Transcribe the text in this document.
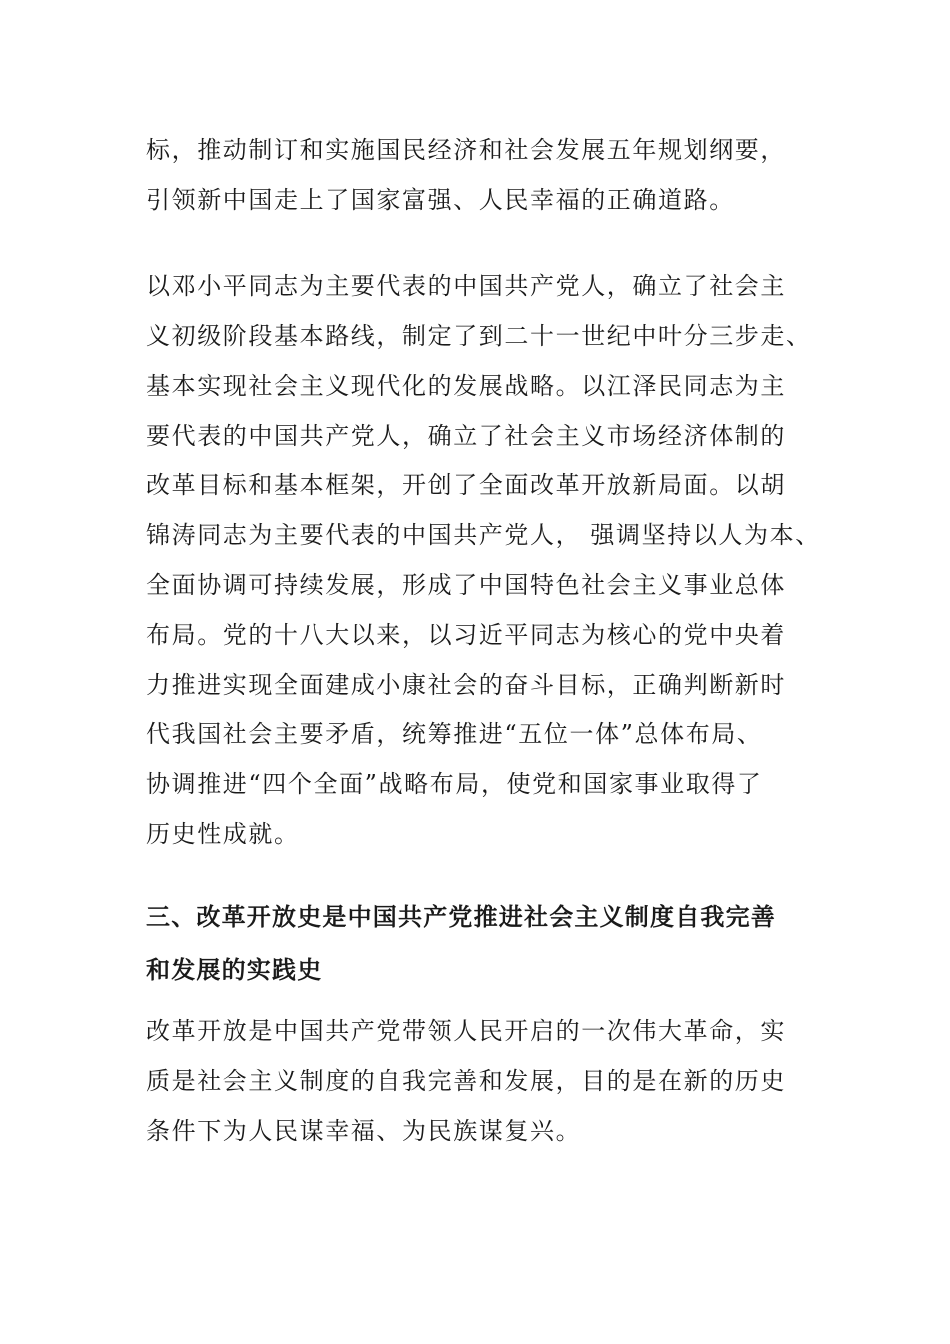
标，推动制订和实施国民经济和社会发展五年规划纲要，
引领新中国走上了国家富强、人民幸福的正确道路。
以邓小平同志为主要代表的中国共产党人，确立了社会主
义初级阶段基本路线，制定了到二十一世纪中叶分三步走、
基本实现社会主义现代化的发展战略。以江泽民同志为主
要代表的中国共产党人，确立了社会主义市场经济体制的
改革目标和基本框架，开创了全面改革开放新局面。以胡
锦涛同志为主要代表的中国共产党人， 强调坚持以人为本、
全面协调可持续发展，形成了中国特色社会主义事业总体
布局。党的十八大以来，以习近平同志为核心的党中央着
力推进实现全面建成小康社会的奋斗目标，正确判断新时
代我国社会主要矛盾，统筹推进“五位一体”总体布局、
协调推进“四个全面”战略布局，使党和国家事业取得了
历史性成就。
三、改革开放史是中国共产党推进社会主义制度自我完善
和发展的实践史
改革开放是中国共产党带领人民开启的一次伟大革命，实
质是社会主义制度的自我完善和发展，目的是在新的历史
条件下为人民谋幸福、为民族谋复兴。
